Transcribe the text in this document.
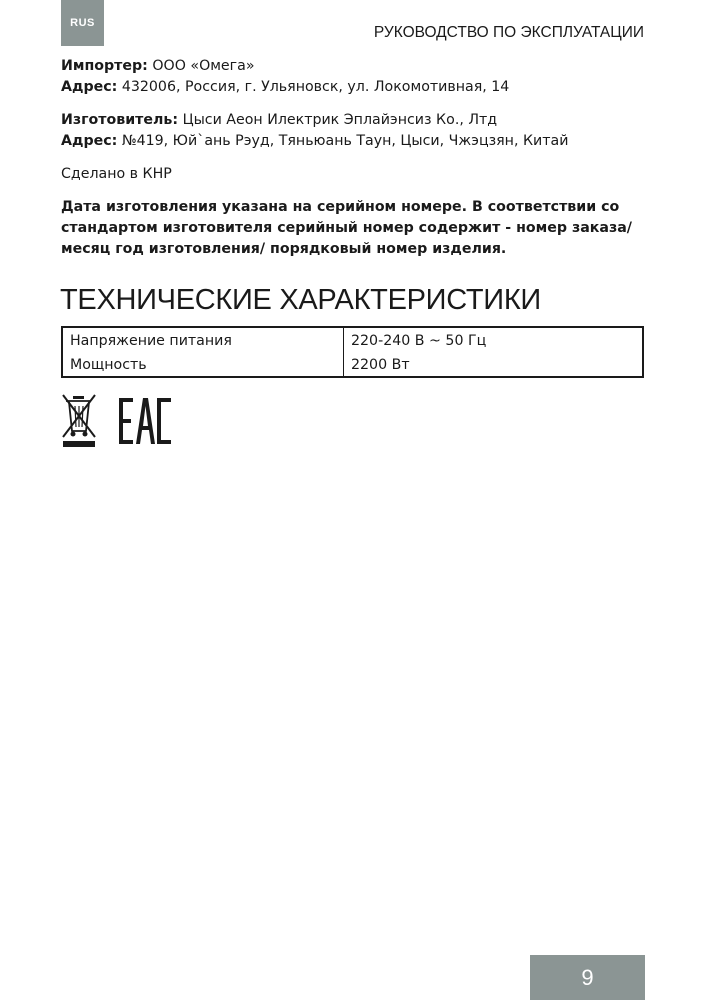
RUS
РУКОВОДСТВО ПО ЭКСПЛУАТАЦИИ

Импортер: ООО «Омега»

Адрес: 432006, Россия, г. Ульяновск, ул. Локомотивная, 14

Изготовитель: Цыси Аеон Илектрик Эплайэнсиз Ко., Лтд

Адрес: №419, Юй`ань Рэуд, Тяньюань Таун, Цыси, Чжэцзян, Китай

Сделано в КНР

Дата изготовления указана на серийном номере. В соответствии со стандартом изготовителя серийный номер содержит - номер заказа/ месяц год изготовления/ порядковый номер изделия.

ТЕХНИЧЕСКИЕ ХАРАКТЕРИСТИКИ
Напряжение питания	220-240 В ~ 50 Гц
Мощность	2200 Вт
9
